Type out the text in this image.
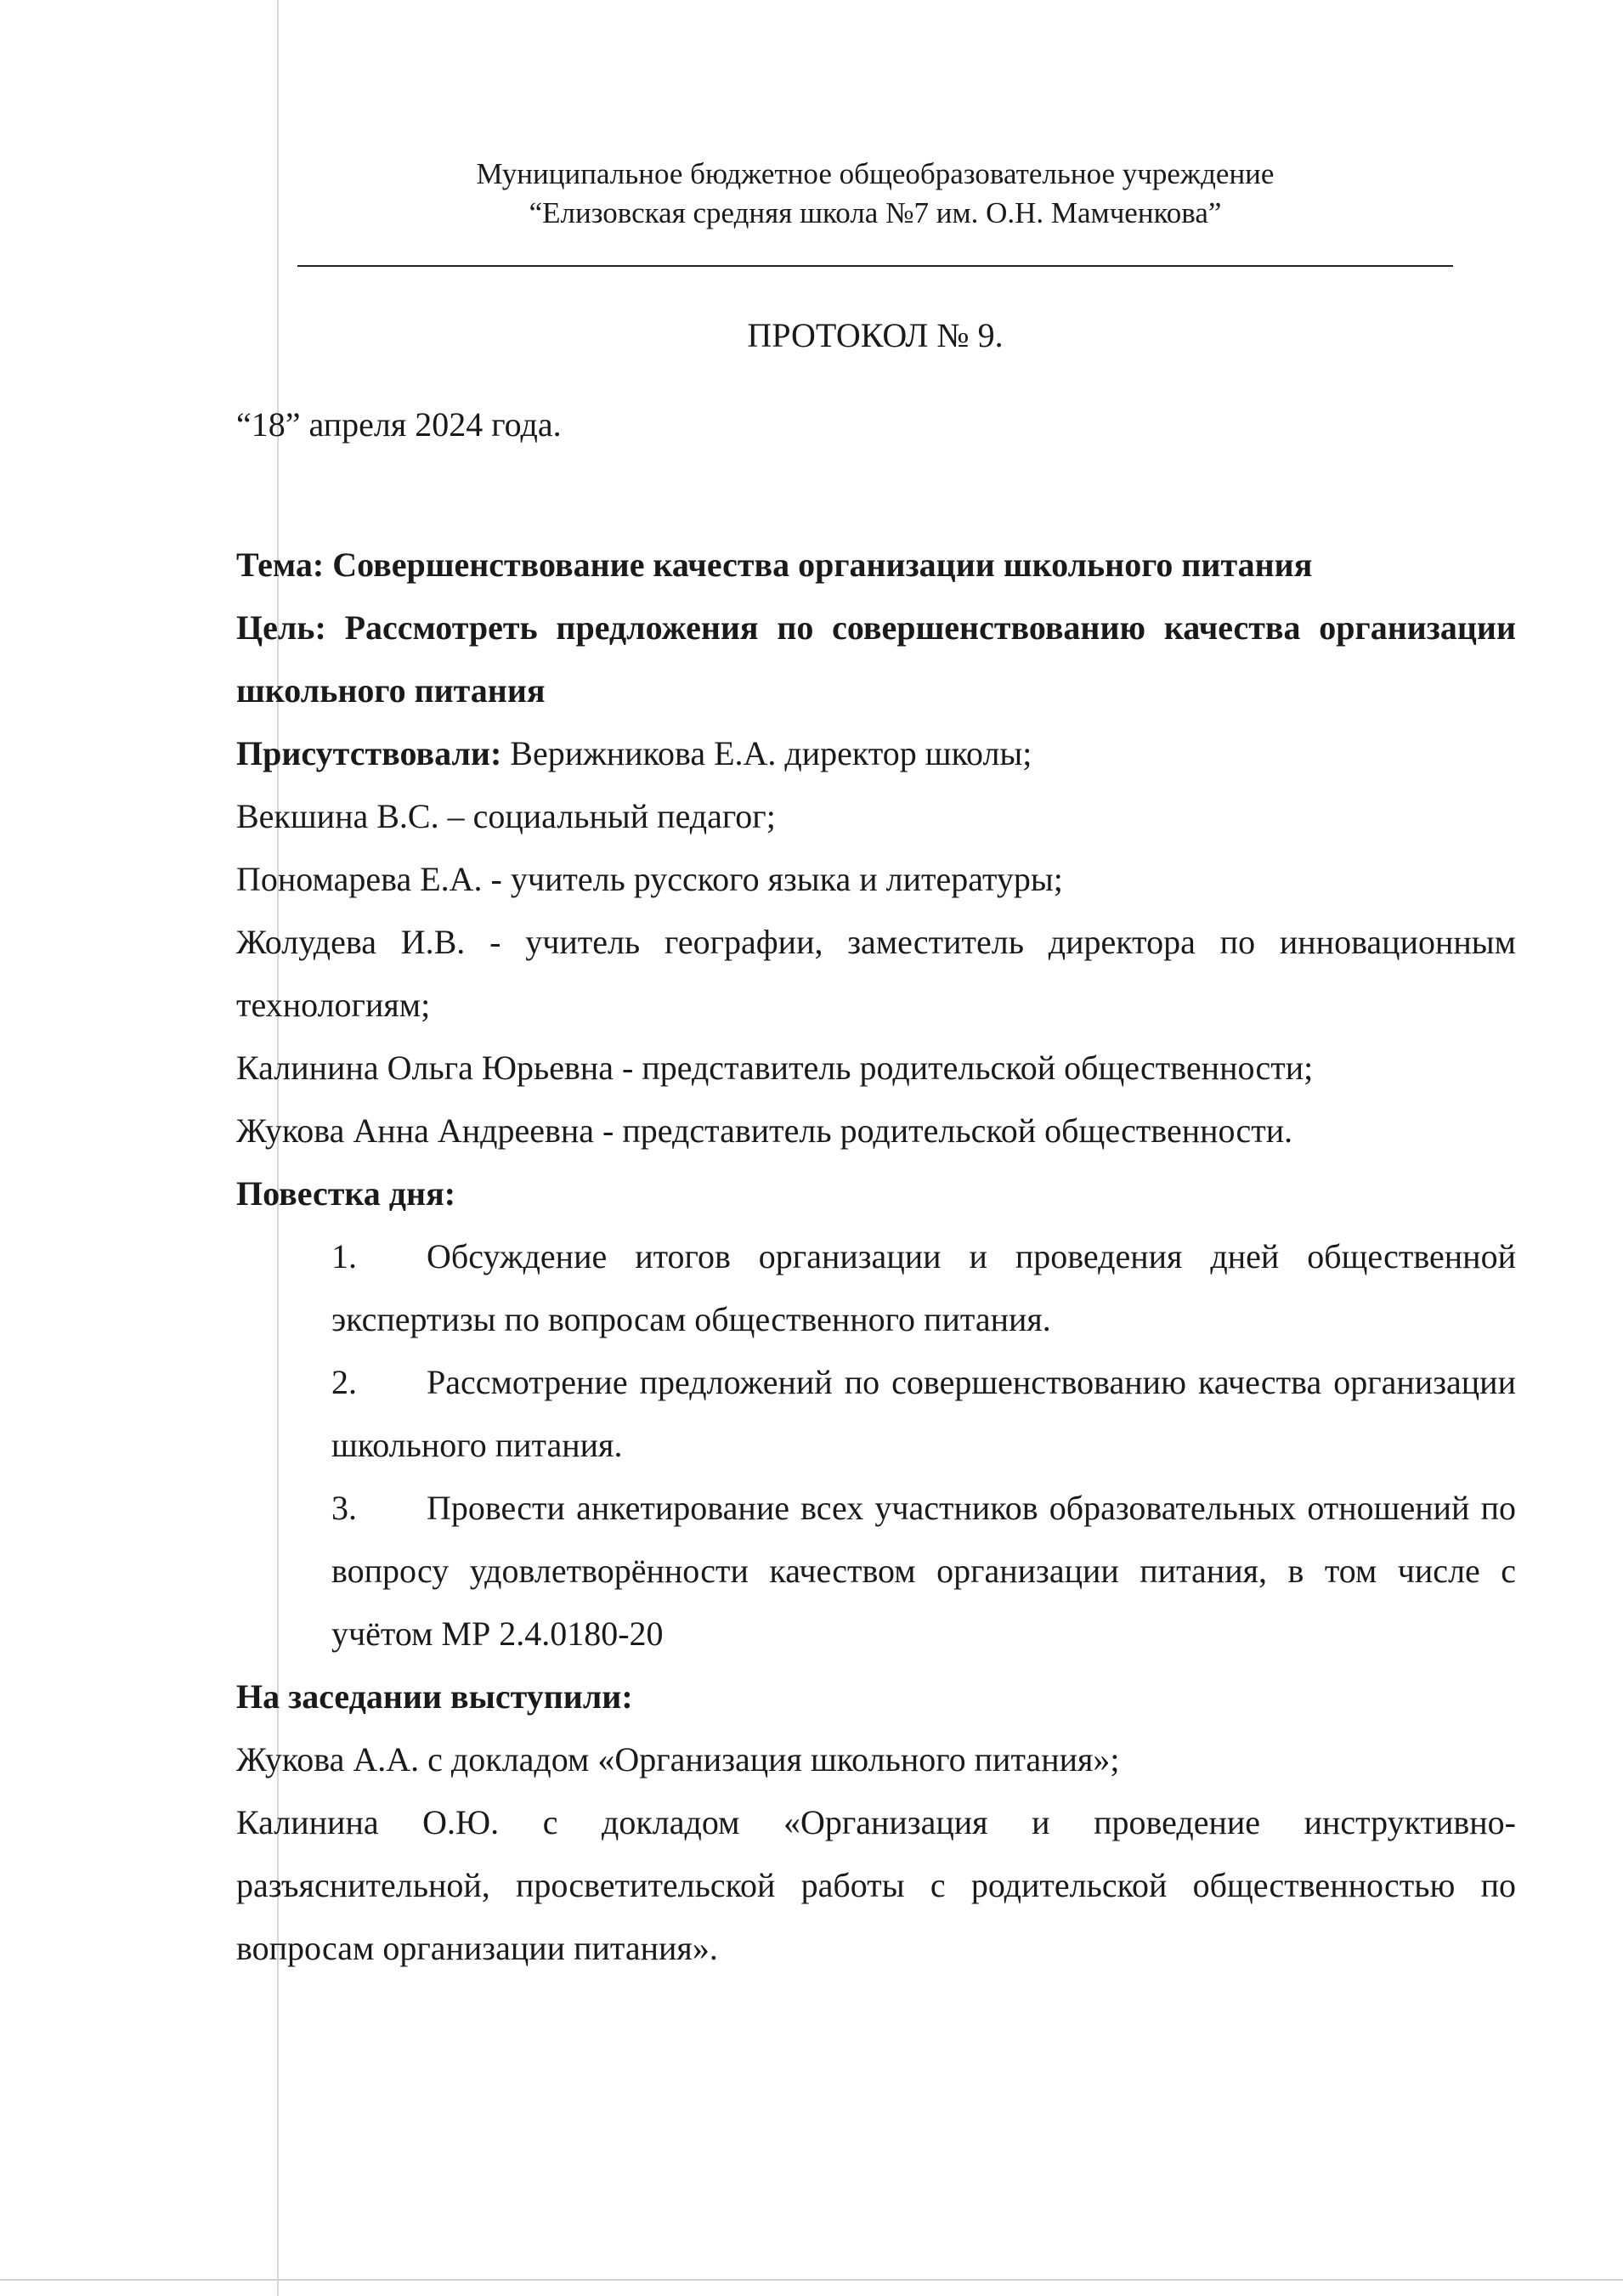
Муниципальное бюджетное общеобразовательное учреждение
“Елизовская средняя школа №7 им. О.Н. Мамченкова”
ПРОТОКОЛ № 9.
“18” апреля 2024 года.

Тема: Совершенствование качества организации школьного питания

Цель: Рассмотреть предложения по совершенствованию качества организации школьного питания

Присутствовали: Верижникова Е.А. директор школы;

Векшина В.С. – социальный педагог;

Пономарева Е.А. - учитель русского языка и литературы;

Жолудева И.В. - учитель географии, заместитель директора по инновационным технологиям;

Калинина Ольга Юрьевна - представитель родительской общественности;

Жукова Анна Андреевна - представитель родительской общественности.

Повестка дня:

1. Обсуждение итогов организации и проведения дней общественной экспертизы по вопросам общественного питания.
2. Рассмотрение предложений по совершенствованию качества организации школьного питания.
3. Провести анкетирование всех участников образовательных отношений по вопросу удовлетворённости качеством организации питания, в том числе с учётом МР 2.4.0180-20

На заседании выступили:

Жукова А.А. с докладом «Организация школьного питания»;

Калинина О.Ю. с докладом «Организация и проведение инструктивно-разъяснительной, просветительской работы с родительской общественностью по вопросам организации питания».
